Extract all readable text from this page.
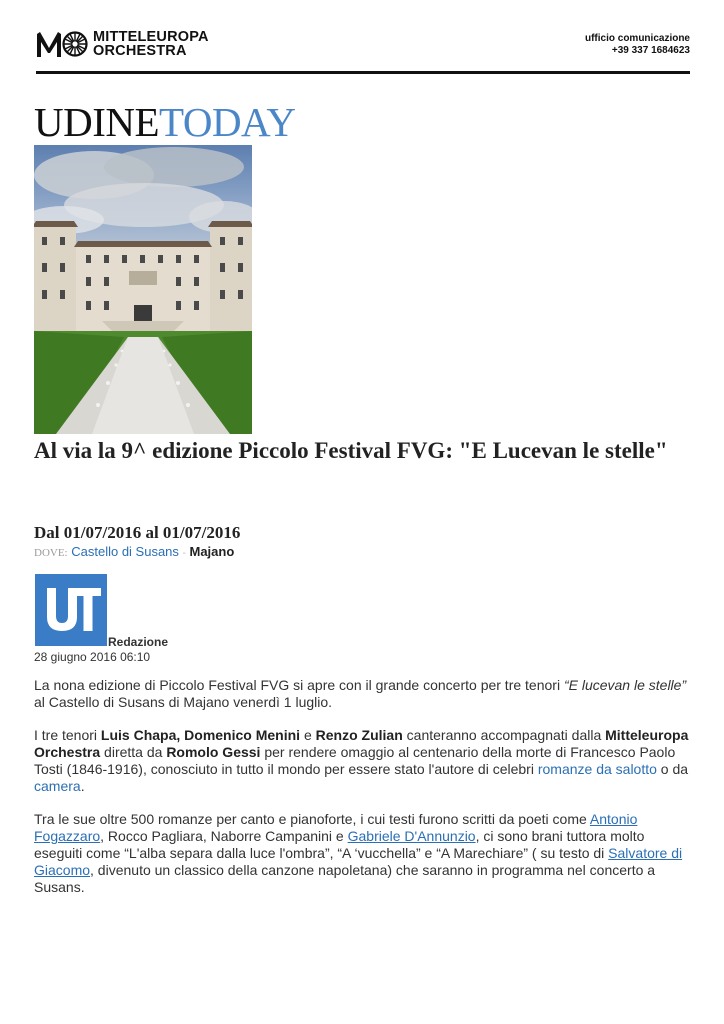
MITTELEUROPA
ORCHESTRA
ufficio comunicazione
+39 337 1684623
UDINETODAY
Al via la 9^ edizione Piccolo Festival FVG: "E Lucevan le stelle"
Dal 01/07/2016 al 01/07/2016
DOVE: Castello di Susans - Majano
Redazione
28 giugno 2016 06:10

La nona edizione di Piccolo Festival FVG si apre con il grande concerto per tre tenori “E lucevan le stelle” al Castello di Susans di Majano venerdì 1 luglio.

I tre tenori Luis Chapa, Domenico Menini e Renzo Zulian canteranno accompagnati dalla Mitteleuropa Orchestra diretta da Romolo Gessi per rendere omaggio al centenario della morte di Francesco Paolo Tosti (1846-1916), conosciuto in tutto il mondo per essere stato l'autore di celebri romanze da salotto o da camera.

Tra le sue oltre 500 romanze per canto e pianoforte, i cui testi furono scritti da poeti come Antonio Fogazzaro, Rocco Pagliara, Naborre Campanini e Gabriele D'Annunzio, ci sono brani tuttora molto eseguiti come “L'alba separa dalla luce l'ombra”, “A ‘vucchella” e “A Marechiare” ( su testo di Salvatore di Giacomo, divenuto un classico della canzone napoletana) che saranno in programma nel concerto a Susans.
